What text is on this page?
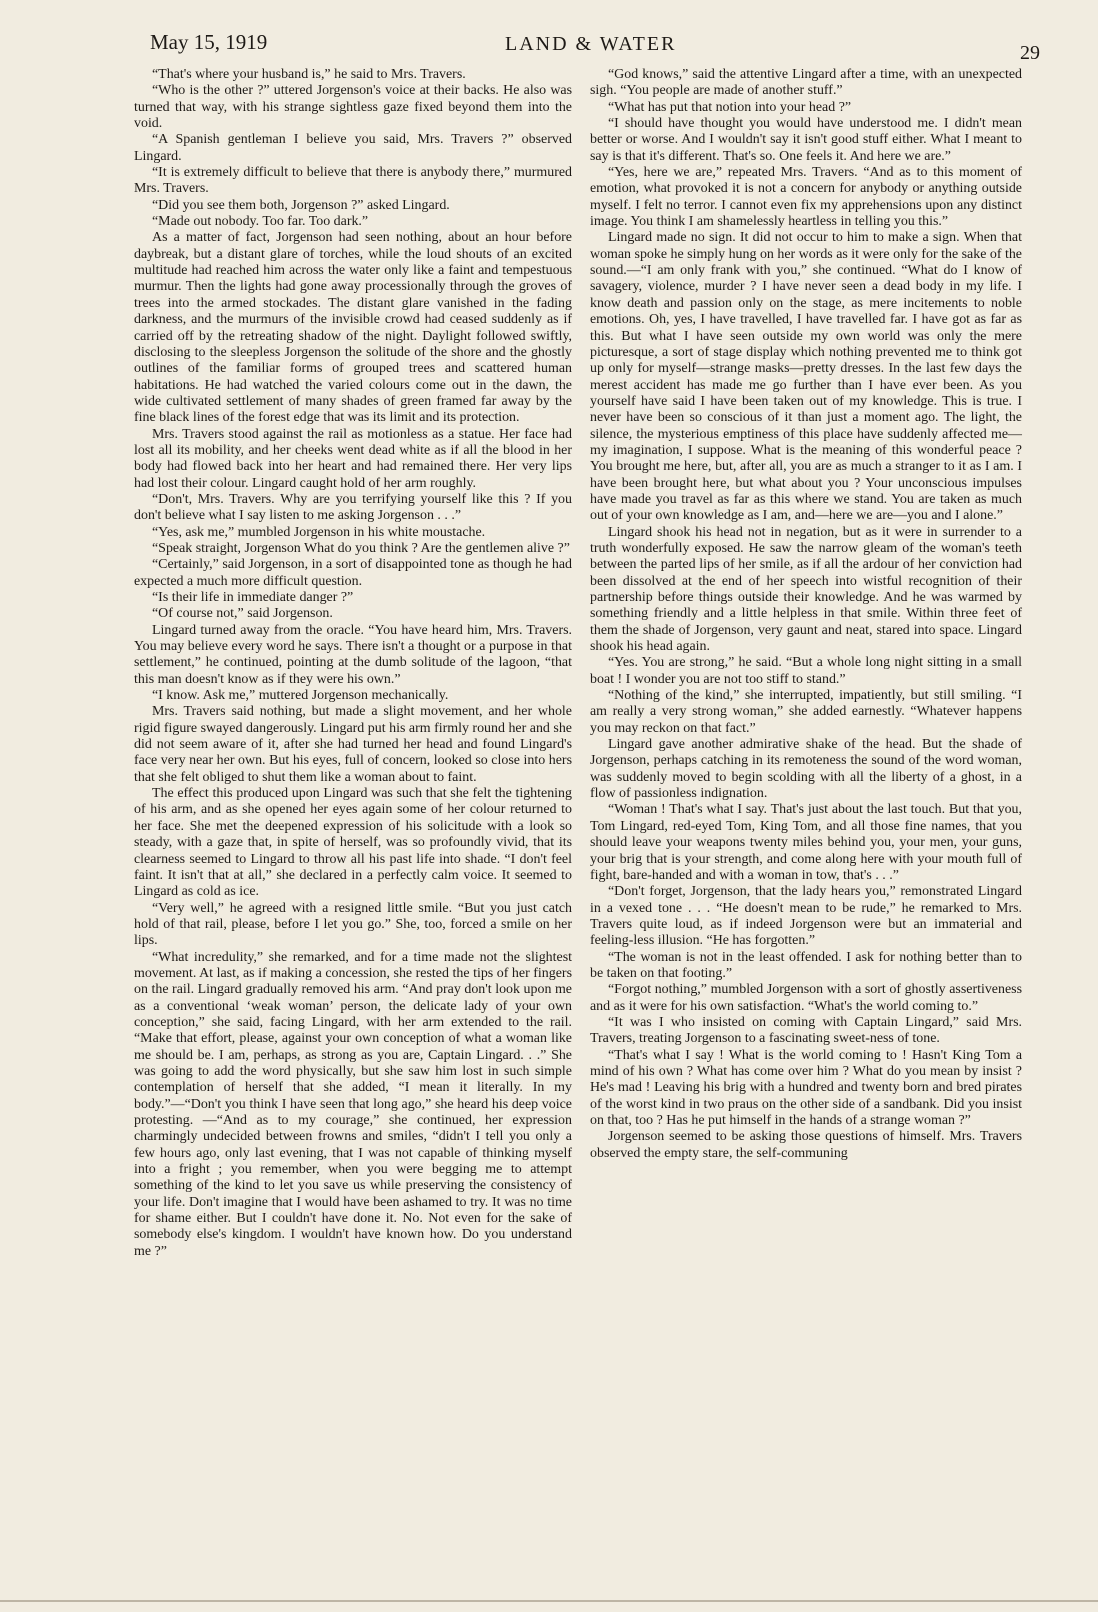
May 15, 1919	LAND & WATER	29

“That's where your husband is,” he said to Mrs. Travers.

“Who is the other ?” uttered Jorgenson's voice at their backs. He also was turned that way, with his strange sightless gaze fixed beyond them into the void.

“A Spanish gentleman I believe you said, Mrs. Travers ?” observed Lingard.

“It is extremely difficult to believe that there is anybody there,” murmured Mrs. Travers.

“Did you see them both, Jorgenson ?” asked Lingard.

“Made out nobody. Too far. Too dark.”

As a matter of fact, Jorgenson had seen nothing, about an hour before daybreak, but a distant glare of torches, while the loud shouts of an excited multitude had reached him across the water only like a faint and tempestuous murmur. Then the lights had gone away processionally through the groves of trees into the armed stockades. The distant glare vanished in the fading darkness, and the murmurs of the invisible crowd had ceased suddenly as if carried off by the retreating shadow of the night. Daylight followed swiftly, disclosing to the sleepless Jorgenson the solitude of the shore and the ghostly outlines of the familiar forms of grouped trees and scattered human habitations. He had watched the varied colours come out in the dawn, the wide cultivated settlement of many shades of green framed far away by the fine black lines of the forest edge that was its limit and its protection.

Mrs. Travers stood against the rail as motionless as a statue. Her face had lost all its mobility, and her cheeks went dead white as if all the blood in her body had flowed back into her heart and had remained there. Her very lips had lost their colour. Lingard caught hold of her arm roughly.

“Don't, Mrs. Travers. Why are you terrifying yourself like this ? If you don't believe what I say listen to me asking Jorgenson . . .”

“Yes, ask me,” mumbled Jorgenson in his white moustache.

“Speak straight, Jorgenson What do you think ? Are the gentlemen alive ?”

“Certainly,” said Jorgenson, in a sort of disappointed tone as though he had expected a much more difficult question.

“Is their life in immediate danger ?”

“Of course not,” said Jorgenson.

Lingard turned away from the oracle. “You have heard him, Mrs. Travers. You may believe every word he says. There isn't a thought or a purpose in that settlement,” he continued, pointing at the dumb solitude of the lagoon, “that this man doesn't know as if they were his own.”

“I know. Ask me,” muttered Jorgenson mechanically.

Mrs. Travers said nothing, but made a slight movement, and her whole rigid figure swayed dangerously. Lingard put his arm firmly round her and she did not seem aware of it, after she had turned her head and found Lingard's face very near her own. But his eyes, full of concern, looked so close into hers that she felt obliged to shut them like a woman about to faint.

The effect this produced upon Lingard was such that she felt the tightening of his arm, and as she opened her eyes again some of her colour returned to her face. She met the deepened expression of his solicitude with a look so steady, with a gaze that, in spite of herself, was so profoundly vivid, that its clearness seemed to Lingard to throw all his past life into shade. “I don't feel faint. It isn't that at all,” she declared in a perfectly calm voice. It seemed to Lingard as cold as ice.

“Very well,” he agreed with a resigned little smile. “But you just catch hold of that rail, please, before I let you go.” She, too, forced a smile on her lips.

“What incredulity,” she remarked, and for a time made not the slightest movement. At last, as if making a concession, she rested the tips of her fingers on the rail. Lingard gradually removed his arm. “And pray don't look upon me as a conventional ‘weak woman’ person, the delicate lady of your own conception,” she said, facing Lingard, with her arm extended to the rail. “Make that effort, please, against your own conception of what a woman like me should be. I am, perhaps, as strong as you are, Captain Lingard. . .” She was going to add the word physically, but she saw him lost in such simple contemplation of herself that she added, “I mean it literally. In my body.”—“Don't you think I have seen that long ago,” she heard his deep voice protesting. —“And as to my courage,” she continued, her expression charmingly undecided between frowns and smiles, “didn't I tell you only a few hours ago, only last evening, that I was not capable of thinking myself into a fright ; you remember, when you were begging me to attempt something of the kind to let you save us while preserving the consistency of your life. Don't imagine that I would have been ashamed to try. It was no time for shame either. But I couldn't have done it. No. Not even for the sake of somebody else's kingdom. I wouldn't have known how. Do you understand me ?”

“God knows,” said the attentive Lingard after a time, with an unexpected sigh. “You people are made of another stuff.”

“What has put that notion into your head ?”

“I should have thought you would have understood me. I didn't mean better or worse. And I wouldn't say it isn't good stuff either. What I meant to say is that it's different. That's so. One feels it. And here we are.”

“Yes, here we are,” repeated Mrs. Travers. “And as to this moment of emotion, what provoked it is not a concern for anybody or anything outside myself. I felt no terror. I cannot even fix my apprehensions upon any distinct image. You think I am shamelessly heartless in telling you this.”

Lingard made no sign. It did not occur to him to make a sign. When that woman spoke he simply hung on her words as it were only for the sake of the sound.—“I am only frank with you,” she continued. “What do I know of savagery, violence, murder ? I have never seen a dead body in my life. I know death and passion only on the stage, as mere incitements to noble emotions. Oh, yes, I have travelled, I have travelled far. I have got as far as this. But what I have seen outside my own world was only the mere picturesque, a sort of stage display which nothing prevented me to think got up only for myself—strange masks—pretty dresses. In the last few days the merest accident has made me go further than I have ever been. As you yourself have said I have been taken out of my knowledge. This is true. I never have been so conscious of it than just a moment ago. The light, the silence, the mysterious emptiness of this place have suddenly affected me—my imagination, I suppose. What is the meaning of this wonderful peace ? You brought me here, but, after all, you are as much a stranger to it as I am. I have been brought here, but what about you ? Your unconscious impulses have made you travel as far as this where we stand. You are taken as much out of your own knowledge as I am, and—here we are—you and I alone.”

Lingard shook his head not in negation, but as it were in surrender to a truth wonderfully exposed. He saw the narrow gleam of the woman's teeth between the parted lips of her smile, as if all the ardour of her conviction had been dissolved at the end of her speech into wistful recognition of their partnership before things outside their knowledge. And he was warmed by something friendly and a little helpless in that smile. Within three feet of them the shade of Jorgenson, very gaunt and neat, stared into space. Lingard shook his head again.

“Yes. You are strong,” he said. “But a whole long night sitting in a small boat ! I wonder you are not too stiff to stand.”

“Nothing of the kind,” she interrupted, impatiently, but still smiling. “I am really a very strong woman,” she added earnestly. “Whatever happens you may reckon on that fact.”

Lingard gave another admirative shake of the head. But the shade of Jorgenson, perhaps catching in its remoteness the sound of the word woman, was suddenly moved to begin scolding with all the liberty of a ghost, in a flow of passionless indignation.

“Woman ! That's what I say. That's just about the last touch. But that you, Tom Lingard, red-eyed Tom, King Tom, and all those fine names, that you should leave your weapons twenty miles behind you, your men, your guns, your brig that is your strength, and come along here with your mouth full of fight, bare-handed and with a woman in tow, that's . . .”

“Don't forget, Jorgenson, that the lady hears you,” remonstrated Lingard in a vexed tone . . . “He doesn't mean to be rude,” he remarked to Mrs. Travers quite loud, as if indeed Jorgenson were but an immaterial and feeling-less illusion. “He has forgotten.”

“The woman is not in the least offended. I ask for nothing better than to be taken on that footing.”

“Forgot nothing,” mumbled Jorgenson with a sort of ghostly assertiveness and as it were for his own satisfaction. “What's the world coming to.”

“It was I who insisted on coming with Captain Lingard,” said Mrs. Travers, treating Jorgenson to a fascinating sweet-ness of tone.

“That's what I say ! What is the world coming to ! Hasn't King Tom a mind of his own ? What has come over him ? What do you mean by insist ? He's mad ! Leaving his brig with a hundred and twenty born and bred pirates of the worst kind in two praus on the other side of a sandbank. Did you insist on that, too ? Has he put himself in the hands of a strange woman ?”

Jorgenson seemed to be asking those questions of himself. Mrs. Travers observed the empty stare, the self-communing
